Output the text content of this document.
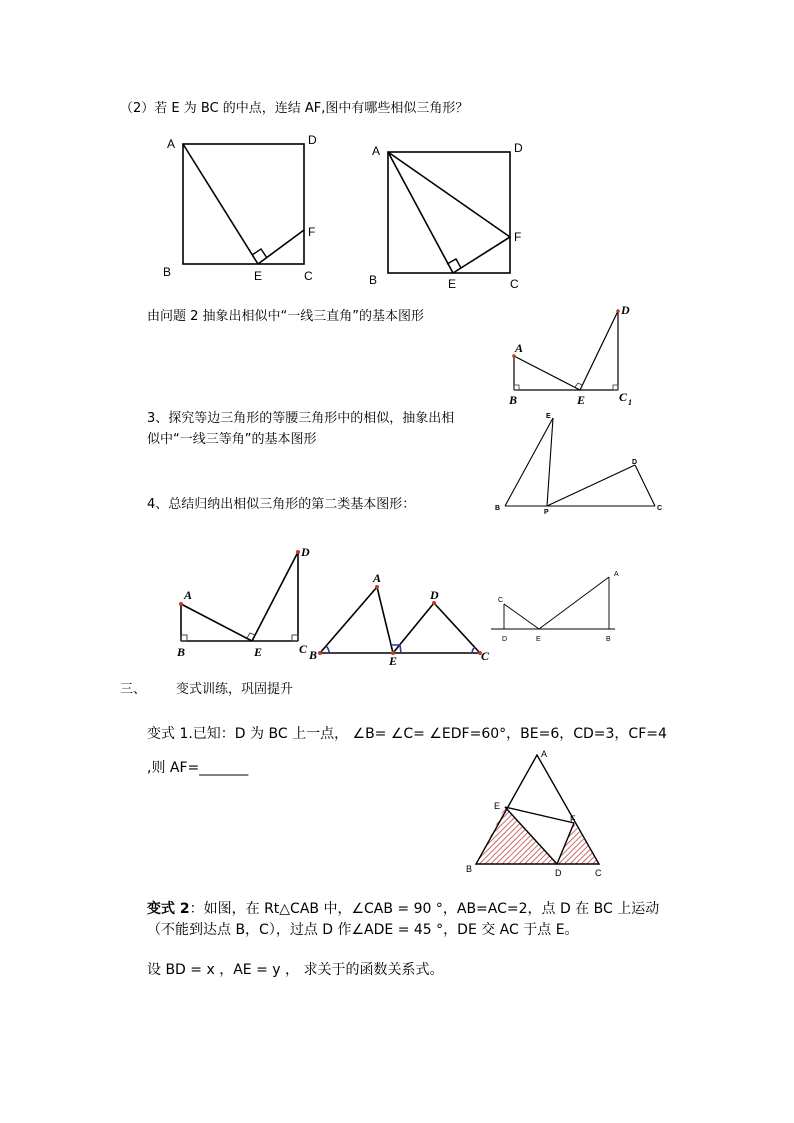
（2）若 E 为 BC 的中点，连结 AF,图中有哪些相似三角形？
A	D
F
B	E	C
A	D
F
B	E	C
由问题 2 抽象出相似中“一线三直角”的基本图形
A
D
B	E	C 1
3、探究等边三角形的等腰三角形中的相似，抽象出相
似中“一线三等角”的基本图形
E
D
B
P
C
4、总结归纳出相似三角形的第二类基本图形：
A
D
B	E	C
A
D
B	E	C
C
A
D	E	B
三、 变式训练，巩固提升
变式 1.已知：D 为 BC 上一点， ∠B= ∠C= ∠EDF=60°，BE=6，CD=3，CF=4
,则 AF=_______
A
E
F
B	D	C
变式 2：如图，在 Rt△CAB 中，∠CAB = 90 °，AB=AC=2，点 D 在 BC 上运动
（不能到达点 B，C），过点 D 作∠ADE = 45 °，DE 交 AC 于点 E。
设 BD = x ，AE = y ， 求关于的函数关系式。
